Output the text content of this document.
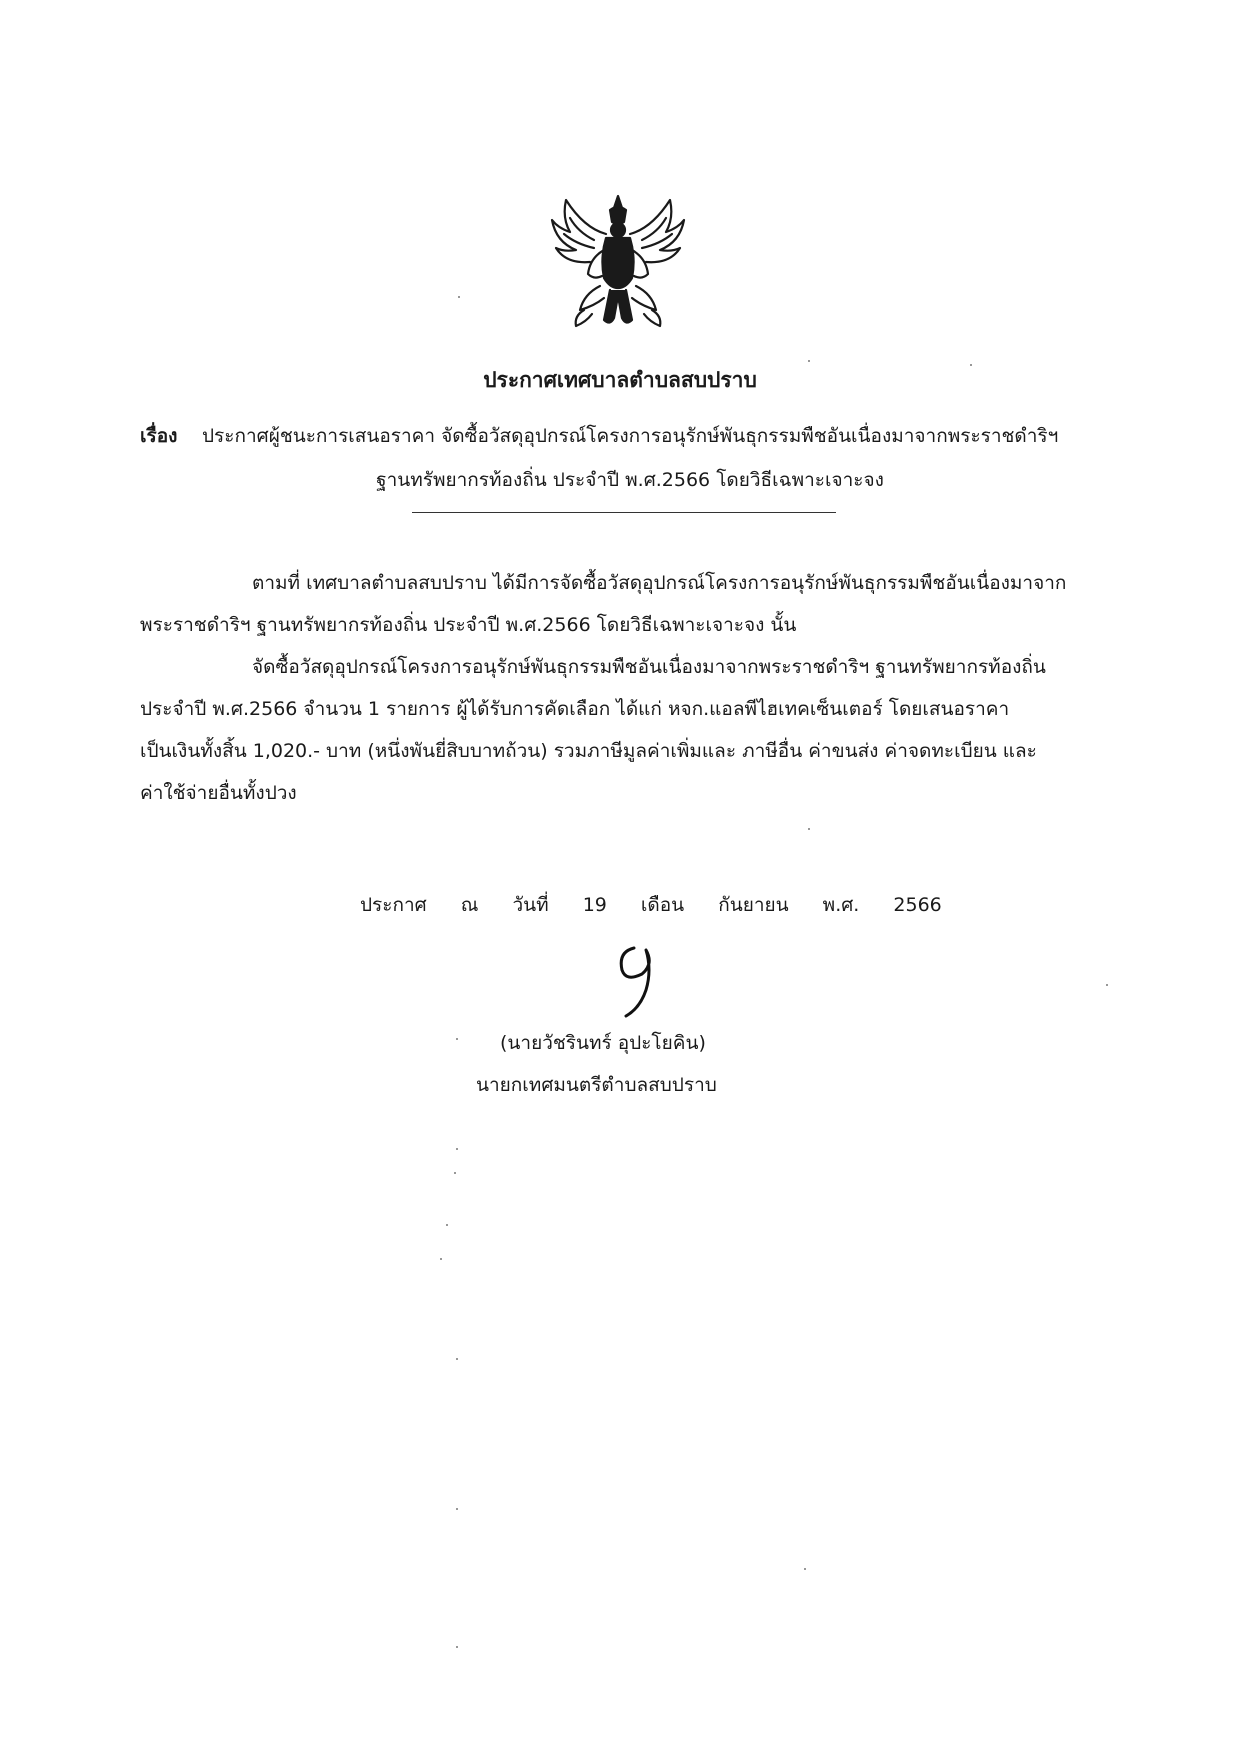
ประกาศเทศบาลตำบลสบปราบ
เรื่อง ประกาศผู้ชนะการเสนอราคา จัดซื้อวัสดุอุปกรณ์โครงการอนุรักษ์พันธุกรรมพืชอันเนื่องมาจากพระราชดำริฯ
ฐานทรัพยากรท้องถิ่น ประจำปี พ.ศ.2566 โดยวิธีเฉพาะเจาะจง
ตามที่ เทศบาลตำบลสบปราบ ได้มีการจัดซื้อวัสดุอุปกรณ์โครงการอนุรักษ์พันธุกรรมพืชอันเนื่องมาจาก
พระราชดำริฯ ฐานทรัพยากรท้องถิ่น ประจำปี พ.ศ.2566 โดยวิธีเฉพาะเจาะจง นั้น
จัดซื้อวัสดุอุปกรณ์โครงการอนุรักษ์พันธุกรรมพืชอันเนื่องมาจากพระราชดำริฯ ฐานทรัพยากรท้องถิ่น
ประจำปี พ.ศ.2566 จำนวน 1 รายการ ผู้ได้รับการคัดเลือก ได้แก่ หจก.แอลพีไฮเทคเซ็นเตอร์ โดยเสนอราคา
เป็นเงินทั้งสิ้น 1,020.- บาท (หนึ่งพันยี่สิบบาทถ้วน) รวมภาษีมูลค่าเพิ่มและ ภาษีอื่น ค่าขนส่ง ค่าจดทะเบียน และ
ค่าใช้จ่ายอื่นทั้งปวง
ประกาศ ณ วันที่ 19 เดือน กันยายน พ.ศ. 2566
(นายวัชรินทร์ อุปะโยคิน)
นายกเทศมนตรีตำบลสบปราบ
